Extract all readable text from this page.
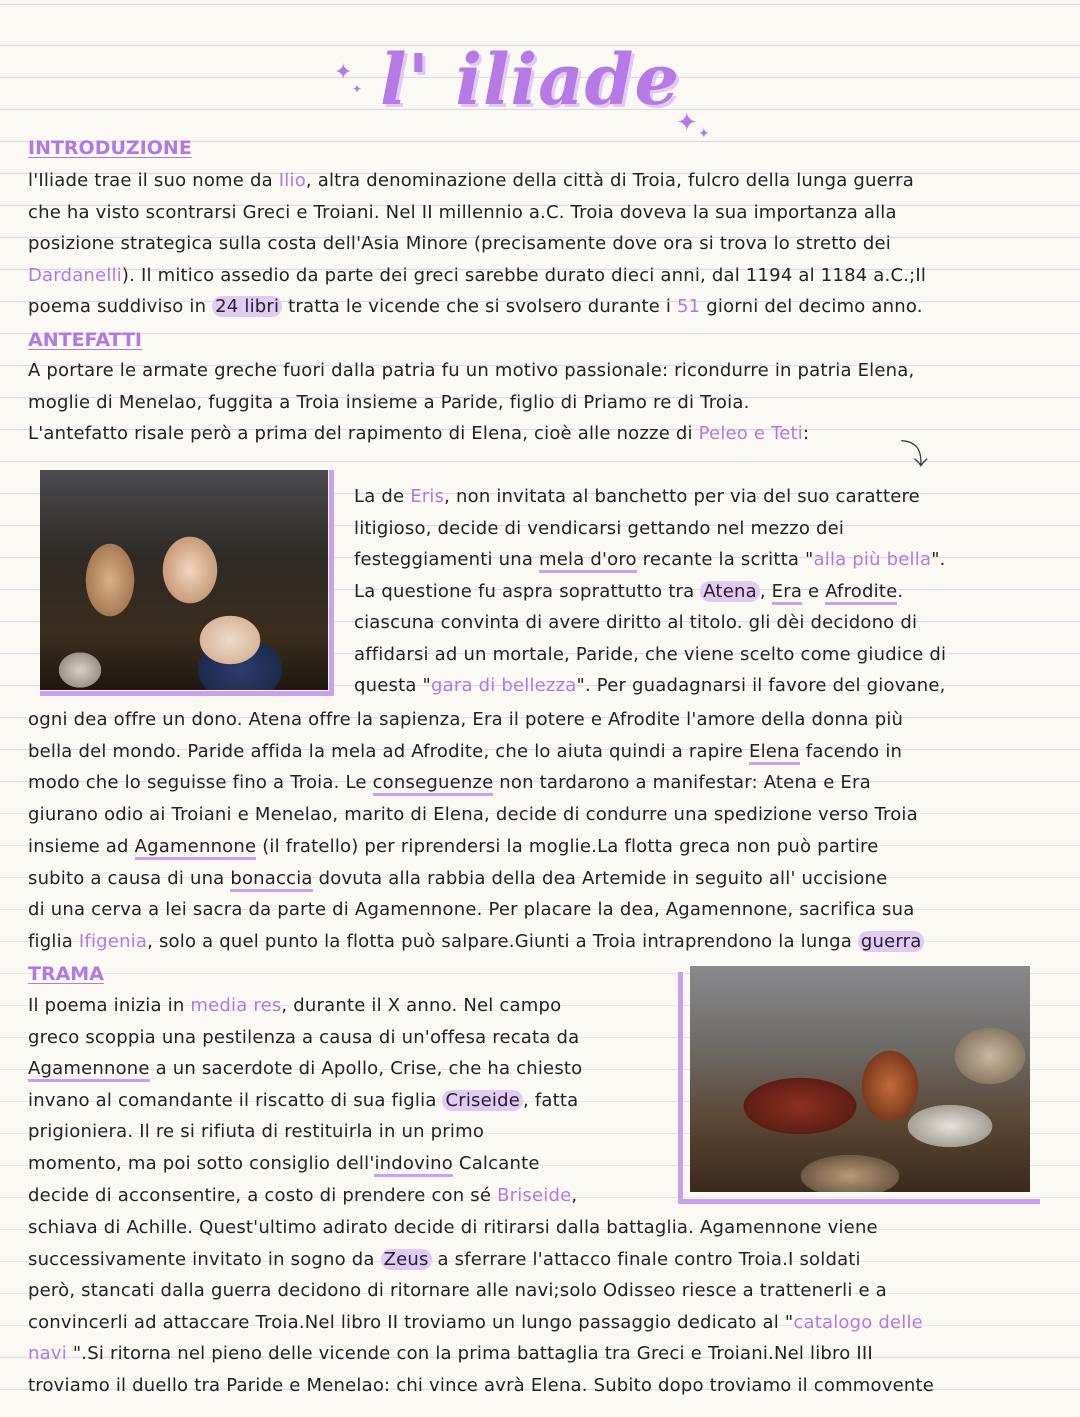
✦
✦ l' iliade
✦ ✦
INTRODUZIONE
l'Iliade trae il suo nome da Ilio, altra denominazione della città di Troia, fulcro della lunga guerra
che ha visto scontrarsi Greci e Troiani. Nel II millennio a.C. Troia doveva la sua importanza alla
posizione strategica sulla costa dell'Asia Minore (precisamente dove ora si trova lo stretto dei
Dardanelli). Il mitico assedio da parte dei greci sarebbe durato dieci anni, dal 1194 al 1184 a.C.;Il
poema suddiviso in 24 libri tratta le vicende che si svolsero durante i 51 giorni del decimo anno.
ANTEFATTI
A portare le armate greche fuori dalla patria fu un motivo passionale: ricondurre in patria Elena,
moglie di Menelao, fuggita a Troia insieme a Paride, figlio di Priamo re di Troia.
L'antefatto risale però a prima del rapimento di Elena, cioè alle nozze di Peleo e Teti:
⤵
La de Eris, non invitata al banchetto per via del suo carattere
litigioso, decide di vendicarsi gettando nel mezzo dei
festeggiamenti una mela d'oro recante la scritta "alla più bella".
La questione fu aspra soprattutto tra Atena , Era e Afrodite.
ciascuna convinta di avere diritto al titolo. gli dèi decidono di
affidarsi ad un mortale, Paride, che viene scelto come giudice di
questa "gara di bellezza". Per guadagnarsi il favore del giovane,
ogni dea offre un dono. Atena offre la sapienza, Era il potere e Afrodite l'amore della donna più
bella del mondo. Paride affida la mela ad Afrodite, che lo aiuta quindi a rapire Elena facendo in
modo che lo seguisse fino a Troia. Le conseguenze non tardarono a manifestar: Atena e Era
giurano odio ai Troiani e Menelao, marito di Elena, decide di condurre una spedizione verso Troia
insieme ad Agamennone (il fratello) per riprendersi la moglie.La flotta greca non può partire
subito a causa di una bonaccia dovuta alla rabbia della dea Artemide in seguito all' uccisione
di una cerva a lei sacra da parte di Agamennone. Per placare la dea, Agamennone, sacrifica sua
figlia Ifigenia, solo a quel punto la flotta può salpare.Giunti a Troia intraprendono la lunga guerra
TRAMA
Il poema inizia in media res, durante il X anno. Nel campo
greco scoppia una pestilenza a causa di un'offesa recata da
Agamennone a un sacerdote di Apollo, Crise, che ha chiesto
invano al comandante il riscatto di sua figlia Criseide , fatta
prigioniera. Il re si rifiuta di restituirla in un primo
momento, ma poi sotto consiglio dell'indovino Calcante
decide di acconsentire, a costo di prendere con sé Briseide,
schiava di Achille. Quest'ultimo adirato decide di ritirarsi dalla battaglia. Agamennone viene
successivamente invitato in sogno da Zeus a sferrare l'attacco finale contro Troia.I soldati
però, stancati dalla guerra decidono di ritornare alle navi;solo Odisseo riesce a trattenerli e a
convincerli ad attaccare Troia.Nel libro II troviamo un lungo passaggio dedicato al "catalogo delle
navi ".Si ritorna nel pieno delle vicende con la prima battaglia tra Greci e Troiani.Nel libro III
troviamo il duello tra Paride e Menelao: chi vince avrà Elena. Subito dopo troviamo il commovente
